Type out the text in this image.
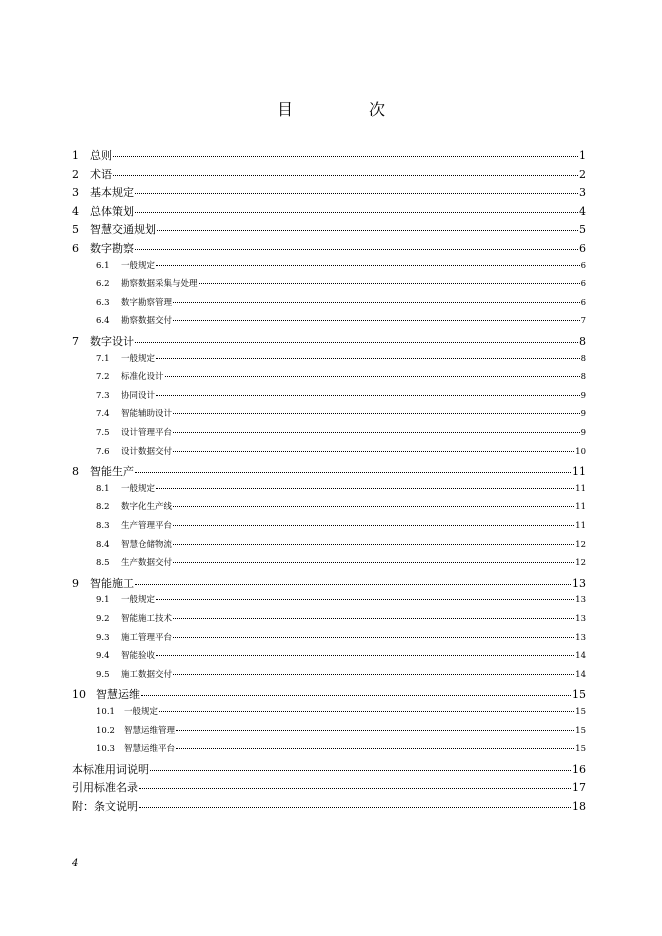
目　次
1	总则	1
2	术语	2
3	基本规定	3
4	总体策划	4
5	智慧交通规划	5
6	数字勘察	6
6.1	一般规定	6
6.2	勘察数据采集与处理	6
6.3	数字勘察管理	6
6.4	勘察数据交付	7
7	数字设计	8
7.1	一般规定	8
7.2	标准化设计	8
7.3	协同设计	9
7.4	智能辅助设计	9
7.5	设计管理平台	9
7.6	设计数据交付	10
8	智能生产	11
8.1	一般规定	11
8.2	数字化生产线	11
8.3	生产管理平台	11
8.4	智慧仓储物流	12
8.5	生产数据交付	12
9	智能施工	13
9.1	一般规定	13
9.2	智能施工技术	13
9.3	施工管理平台	13
9.4	智能验收	14
9.5	施工数据交付	14
10 智慧运维	15
10.1	一般规定	15
10.2	智慧运维管理	15
10.3	智慧运维平台	15
本标准用词说明	16
引用标准名录	17
附：条文说明	18
4
